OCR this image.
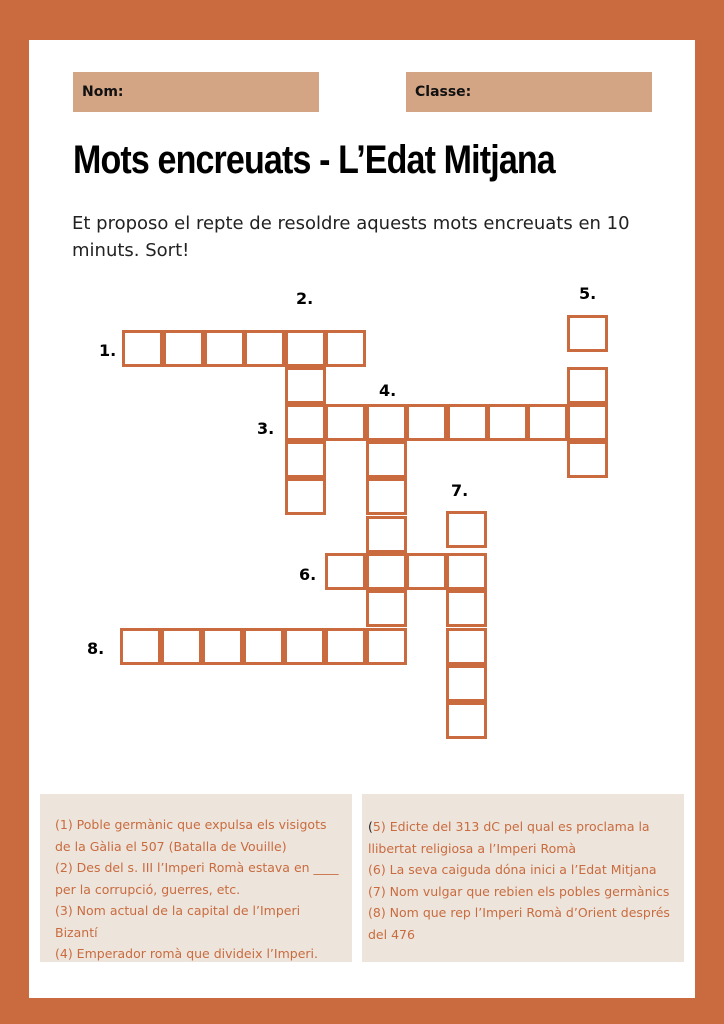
Nom:	Classe:
Mots encreuats - L’Edat Mitjana
Et proposo el repte de resoldre aquests mots encreuats en 10 minuts. Sort!
1.
2.
3.
4.
5.
6.
7.
8.
(1) Poble germànic que expulsa els visigots de la Gàlia el 507 (Batalla de Vouille)
(2) Des del s. III l’Imperi Romà estava en ____ per la corrupció, guerres, etc.
(3) Nom actual de la capital de l’Imperi Bizantí
(4) Emperador romà que divideix l’Imperi.
(5) Edicte del 313 dC pel qual es proclama la llibertat religiosa a l’Imperi Romà
(6) La seva caiguda dóna inici a l’Edat Mitjana
(7) Nom vulgar que rebien els pobles germànics
(8) Nom que rep l’Imperi Romà d’Orient després del 476
